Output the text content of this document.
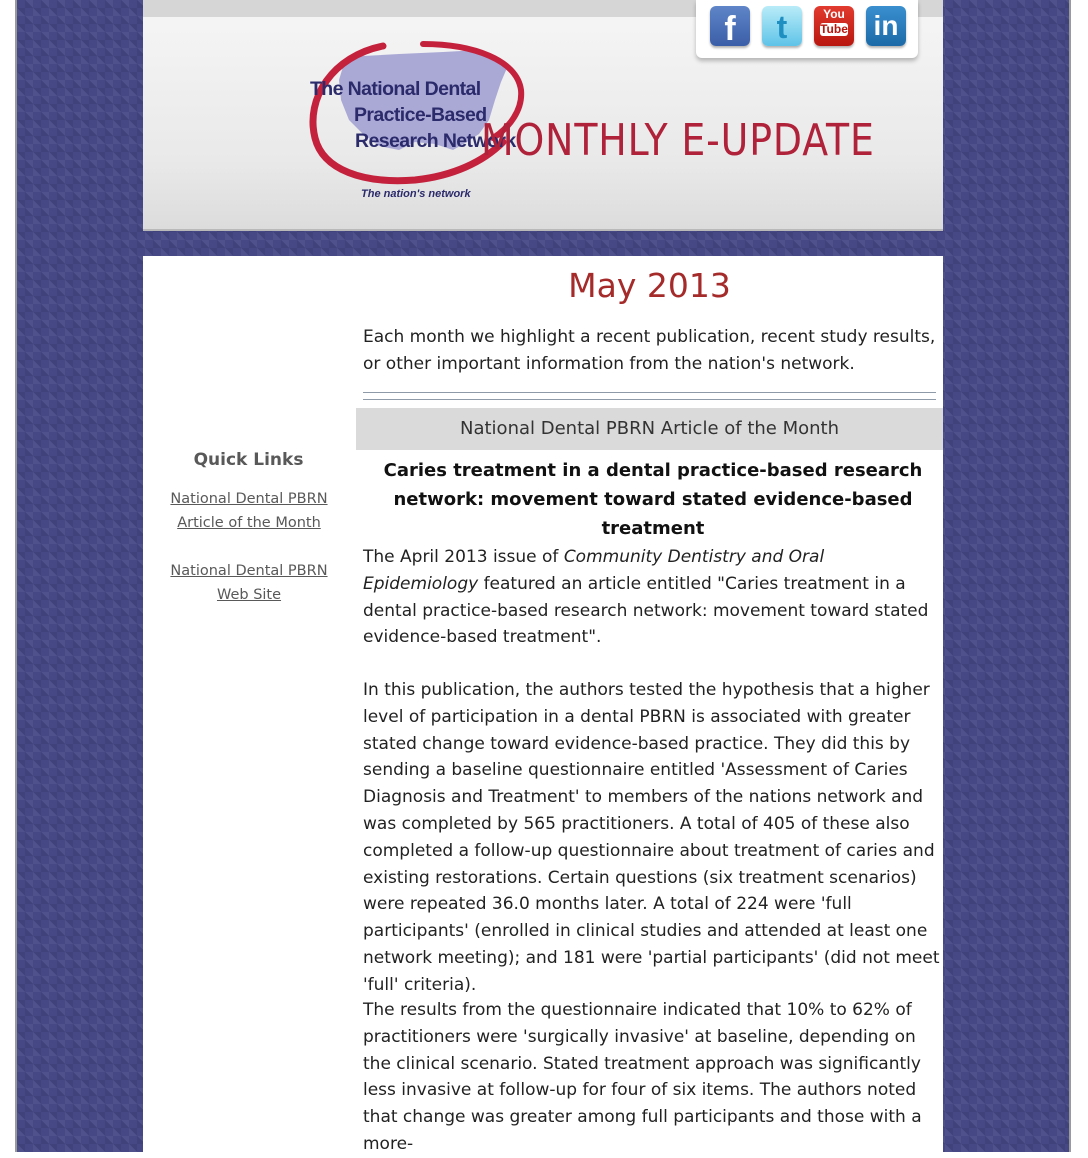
f	t	You
Tube in
The National Dental
Practice-Based
Research Network
The nation's network
MONTHLY E-UPDATE
Quick Links
National Dental PBRN Article of the Month
National Dental PBRN Web Site
May 2013
Each month we highlight a recent publication, recent study results, or other important information from the nation's network.
National Dental PBRN Article of the Month
Caries treatment in a dental practice-based research network: movement toward stated evidence-based treatment
The April 2013 issue of Community Dentistry and Oral Epidemiology featured an article entitled "Caries treatment in a dental practice-based research network: movement toward stated evidence-based treatment".
In this publication, the authors tested the hypothesis that a higher level of participation in a dental PBRN is associated with greater stated change toward evidence-based practice. They did this by sending a baseline questionnaire entitled 'Assessment of Caries Diagnosis and Treatment' to members of the nations network and was completed by 565 practitioners. A total of 405 of these also completed a follow-up questionnaire about treatment of caries and existing restorations. Certain questions (six treatment scenarios) were repeated 36.0 months later. A total of 224 were 'full participants' (enrolled in clinical studies and attended at least one network meeting); and 181 were 'partial participants' (did not meet 'full' criteria).
The results from the questionnaire indicated that 10% to 62% of practitioners were 'surgically invasive' at baseline, depending on the clinical scenario. Stated treatment approach was significantly less invasive at follow-up for four of six items. The authors noted that change was greater among full participants and those with a more-
